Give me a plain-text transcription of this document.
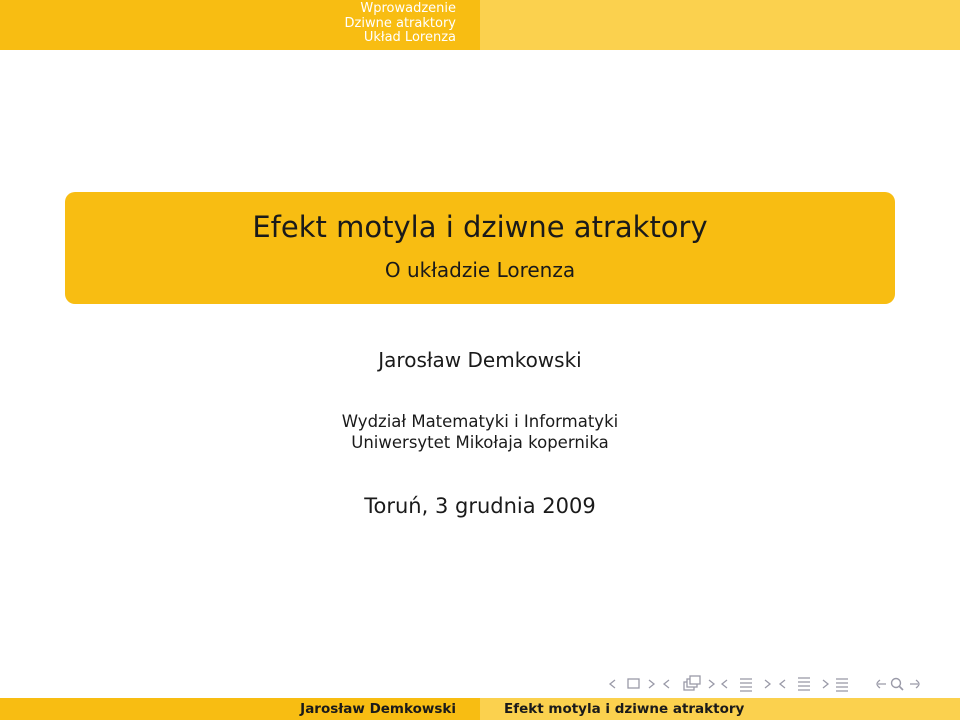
Wprowadzenie
Dziwne atraktory
Układ Lorenza
Efekt motyla i dziwne atraktory
O układzie Lorenza
Jarosław Demkowski
Wydział Matematyki i Informatyki
Uniwersytet Mikołaja kopernika
Toruń, 3 grudnia 2009
Jarosław Demkowski	Efekt motyla i dziwne atraktory
